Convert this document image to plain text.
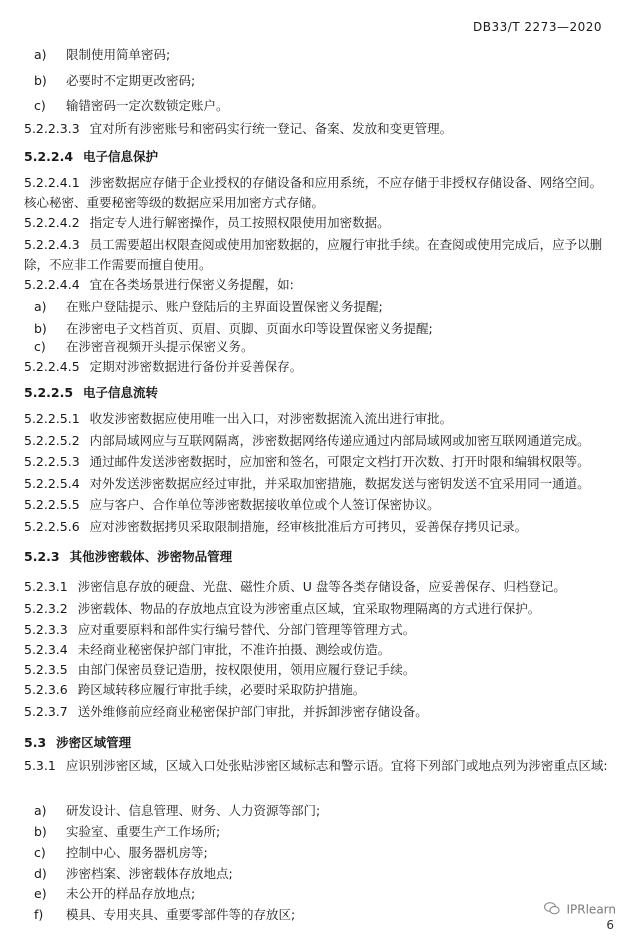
DB33/T 2273—2020
a) 限制使用简单密码;
b) 必要时不定期更改密码;
c) 输错密码一定次数锁定账户。
5.2.2.3.3 宜对所有涉密账号和密码实行统一登记、备案、发放和变更管理。
5.2.2.4 电子信息保护
5.2.2.4.1 涉密数据应存储于企业授权的存储设备和应用系统，不应存储于非授权存储设备、网络空间。核心秘密、重要秘密等级的数据应采用加密方式存储。
5.2.2.4.2 指定专人进行解密操作，员工按照权限使用加密数据。
5.2.2.4.3 员工需要超出权限查阅或使用加密数据的，应履行审批手续。在查阅或使用完成后，应予以删除，不应非工作需要而擅自使用。
5.2.2.4.4 宜在各类场景进行保密义务提醒，如:
a) 在账户登陆提示、账户登陆后的主界面设置保密义务提醒;
b) 在涉密电子文档首页、页眉、页脚、页面水印等设置保密义务提醒;
c) 在涉密音视频开头提示保密义务。
5.2.2.4.5 定期对涉密数据进行备份并妥善保存。
5.2.2.5 电子信息流转
5.2.2.5.1 收发涉密数据应使用唯一出入口，对涉密数据流入流出进行审批。
5.2.2.5.2 内部局域网应与互联网隔离，涉密数据网络传递应通过内部局域网或加密互联网通道完成。
5.2.2.5.3 通过邮件发送涉密数据时，应加密和签名，可限定文档打开次数、打开时限和编辑权限等。
5.2.2.5.4 对外发送涉密数据应经过审批，并采取加密措施，数据发送与密钥发送不宜采用同一通道。
5.2.2.5.5 应与客户、合作单位等涉密数据接收单位或个人签订保密协议。
5.2.2.5.6 应对涉密数据拷贝采取限制措施，经审核批准后方可拷贝，妥善保存拷贝记录。
5.2.3 其他涉密载体、涉密物品管理
5.2.3.1 涉密信息存放的硬盘、光盘、磁性介质、U 盘等各类存储设备，应妥善保存、归档登记。
5.2.3.2 涉密载体、物品的存放地点宜设为涉密重点区域，宜采取物理隔离的方式进行保护。
5.2.3.3 应对重要原料和部件实行编号替代、分部门管理等管理方式。
5.2.3.4 未经商业秘密保护部门审批，不准许拍摄、测绘或仿造。
5.2.3.5 由部门保密员登记造册，按权限使用，领用应履行登记手续。
5.2.3.6 跨区域转移应履行审批手续，必要时采取防护措施。
5.2.3.7 送外维修前应经商业秘密保护部门审批，并拆卸涉密存储设备。
5.3 涉密区域管理
5.3.1 应识别涉密区域，区域入口处张贴涉密区域标志和警示语。宜将下列部门或地点列为涉密重点区域:
a) 研发设计、信息管理、财务、人力资源等部门;
b) 实验室、重要生产工作场所;
c) 控制中心、服务器机房等;
d) 涉密档案、涉密载体存放地点;
e) 未公开的样品存放地点;
f) 模具、专用夹具、重要零部件等的存放区;	IPRlearn
6
